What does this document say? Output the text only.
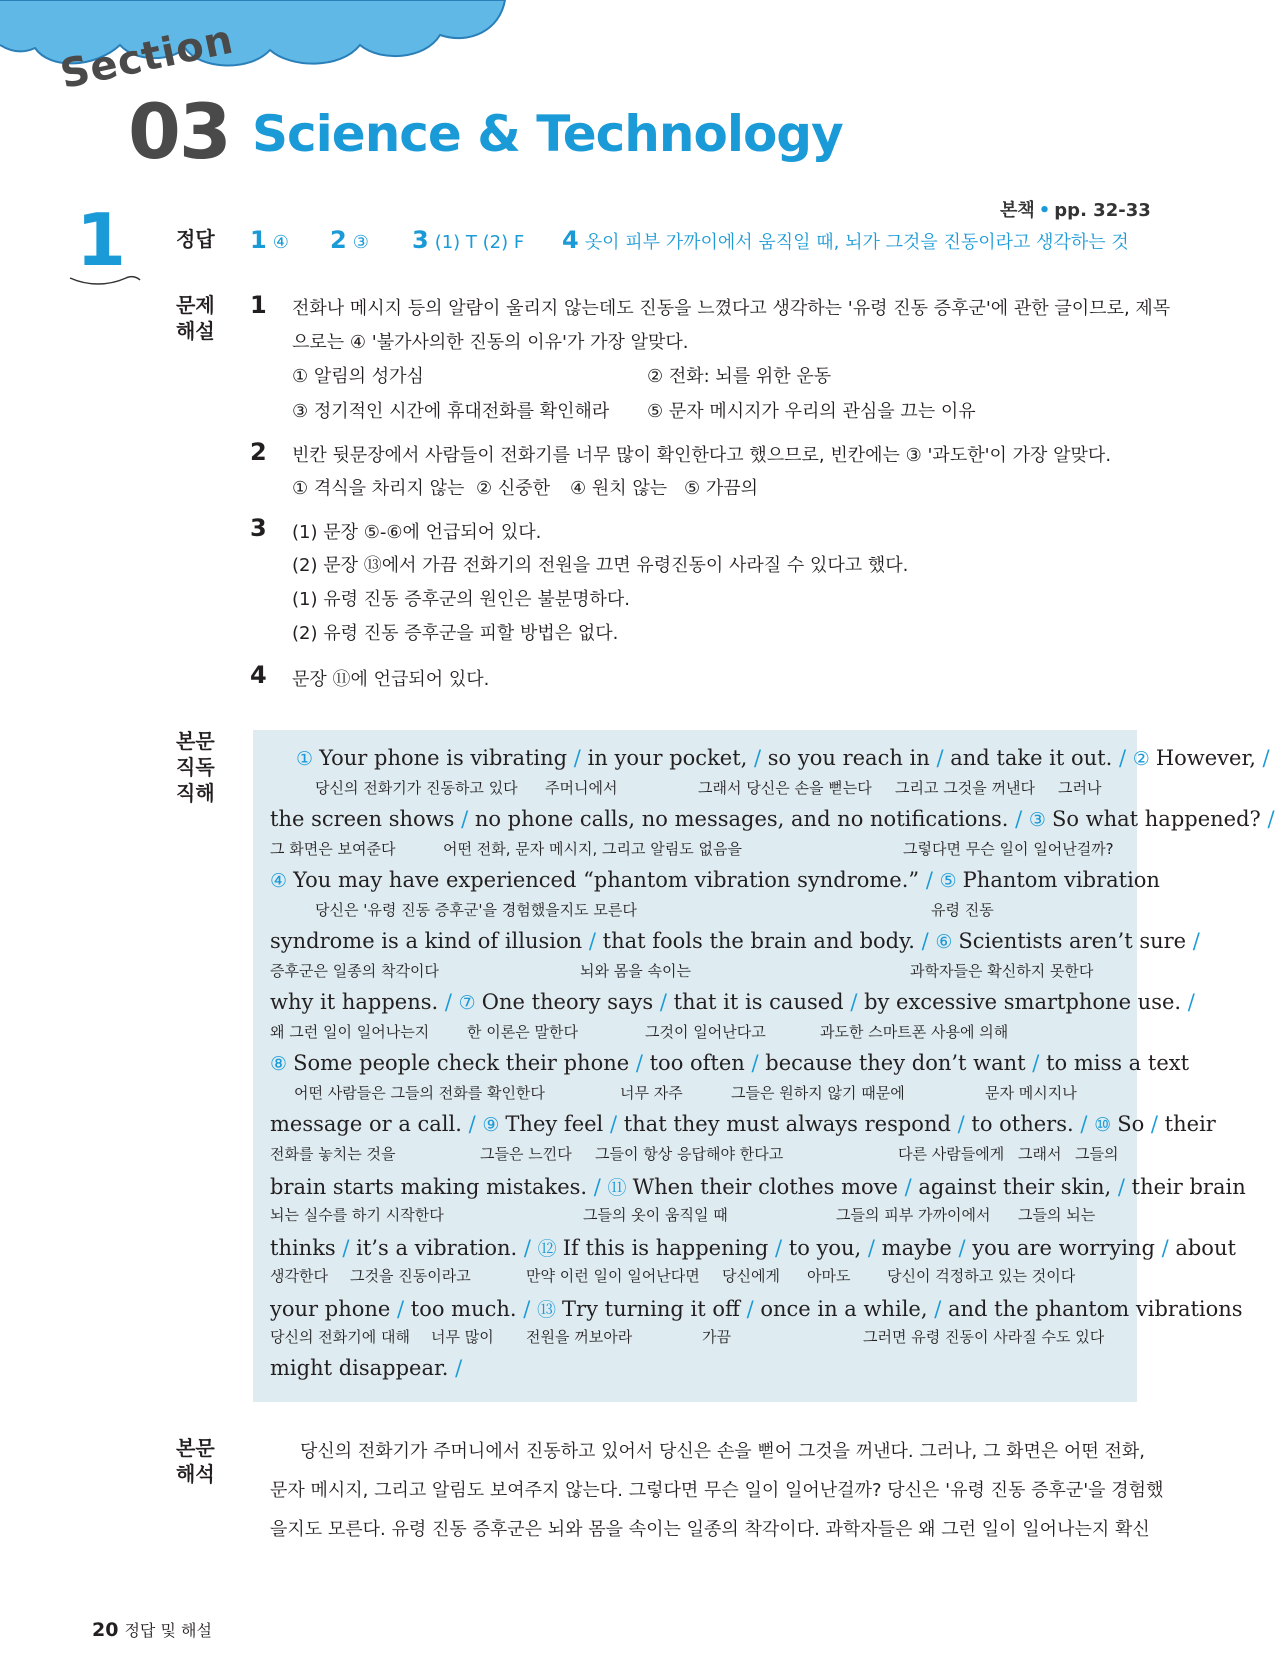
Section
03 Science & Technology
본책 • pp. 32-33
1 정답 1 ④ 2 ③ 3 (1) T (2) F 4 옷이 피부 가까이에서 움직일 때, 뇌가 그것을 진동이라고 생각하는 것
문제
해설
1 전화나 메시지 등의 알람이 울리지 않는데도 진동을 느꼈다고 생각하는 '유령 진동 증후군'에 관한 글이므로, 제목
으로는 ④ '불가사의한 진동의 이유'가 가장 알맞다.
① 알림의 성가심	② 전화: 뇌를 위한 운동
③ 정기적인 시간에 휴대전화를 확인해라 ⑤ 문자 메시지가 우리의 관심을 끄는 이유
2 빈칸 뒷문장에서 사람들이 전화기를 너무 많이 확인한다고 했으므로, 빈칸에는 ③ '과도한'이 가장 알맞다.
① 격식을 차리지 않는 ② 신중한 ④ 원치 않는 ⑤ 가끔의
3 (1) 문장 ⑤-⑥에 언급되어 있다.
(2) 문장 ⑬에서 가끔 전화기의 전원을 끄면 유령진동이 사라질 수 있다고 했다.
(1) 유령 진동 증후군의 원인은 불분명하다.
(2) 유령 진동 증후군을 피할 방법은 없다.
4 문장 ⑪에 언급되어 있다.
본문
직독
직해
① Your phone is vibrating / in your pocket, / so you reach in / and take it out. / ② However, /
당신의 전화기가 진동하고 있다 주머니에서	그래서 당신은 손을 뻗는다 그리고 그것을 꺼낸다 그러나
the screen shows / no phone calls, no messages, and no notifications. / ③ So what happened? /
그 화면은 보여준다	어떤 전화, 문자 메시지, 그리고 알림도 없음을	그렇다면 무슨 일이 일어난걸까?
④ You may have experienced “phantom vibration syndrome.” / ⑤ Phantom vibration
당신은 '유령 진동 증후군'을 경험했을지도 모른다	유령 진동
syndrome is a kind of illusion / that fools the brain and body. / ⑥ Scientists aren’t sure /
증후군은 일종의 착각이다	뇌와 몸을 속이는	과학자들은 확신하지 못한다
why it happens. / ⑦ One theory says / that it is caused / by excessive smartphone use. /
왜 그런 일이 일어나는지	한 이론은 말한다	그것이 일어난다고	과도한 스마트폰 사용에 의해
⑧ Some people check their phone / too often / because they don’t want / to miss a text
어떤 사람들은 그들의 전화를 확인한다	너무 자주	그들은 원하지 않기 때문에	문자 메시지나
message or a call. / ⑨ They feel / that they must always respond / to others. / ⑩ So / their
전화를 놓치는 것을	그들은 느낀다 그들이 항상 응답해야 한다고	다른 사람들에게 그래서 그들의
brain starts making mistakes. / ⑪ When their clothes move / against their skin, / their brain
뇌는 실수를 하기 시작한다	그들의 옷이 움직일 때	그들의 피부 가까이에서 그들의 뇌는
thinks / it’s a vibration. / ⑫ If this is happening / to you, / maybe / you are worrying / about
생각한다 그것을 진동이라고	만약 이런 일이 일어난다면 당신에게 아마도 당신이 걱정하고 있는 것이다
your phone / too much. / ⑬ Try turning it off / once in a while, / and the phantom vibrations
당신의 전화기에 대해 너무 많이 전원을 꺼보아라	가끔	그러면 유령 진동이 사라질 수도 있다
might disappear. /
본문
해석
당신의 전화기가 주머니에서 진동하고 있어서 당신은 손을 뻗어 그것을 꺼낸다. 그러나, 그 화면은 어떤 전화,
문자 메시지, 그리고 알림도 보여주지 않는다. 그렇다면 무슨 일이 일어난걸까? 당신은 '유령 진동 증후군'을 경험했
을지도 모른다. 유령 진동 증후군은 뇌와 몸을 속이는 일종의 착각이다. 과학자들은 왜 그런 일이 일어나는지 확신
20 정답 및 해설
